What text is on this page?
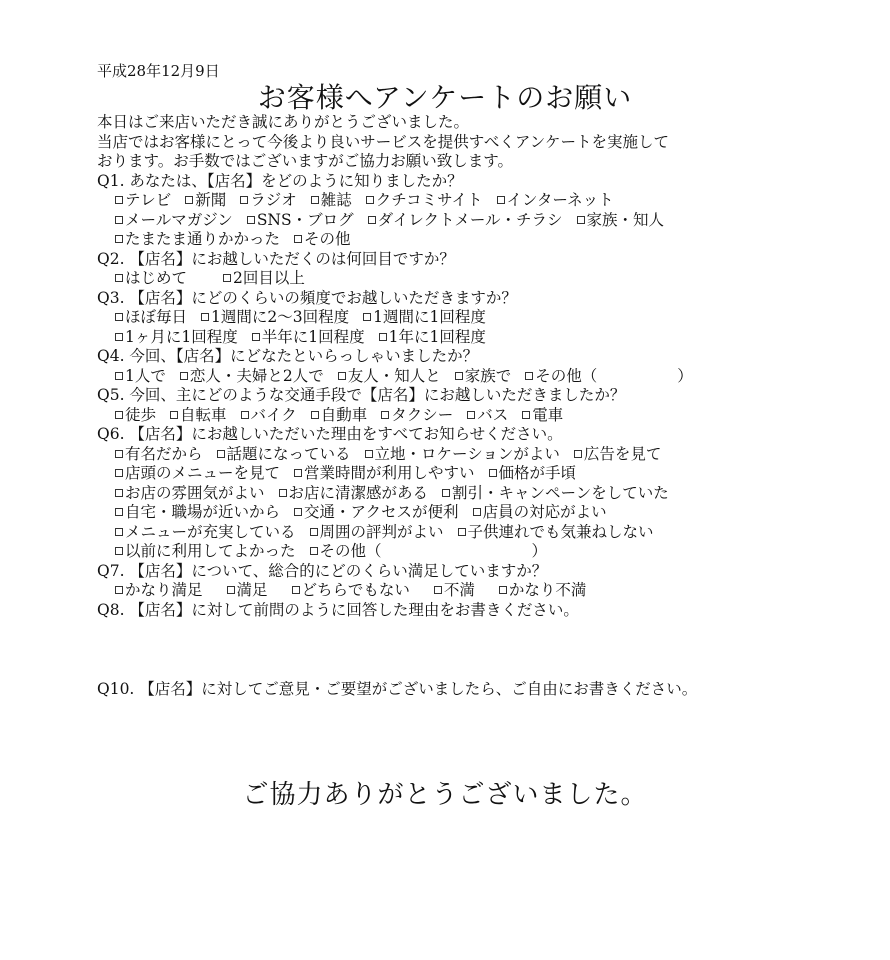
平成28年12月9日
お客様へアンケートのお願い

本日はご来店いただき誠にありがとうございました。

当店ではお客様にとって今後より良いサービスを提供すべくアンケートを実施して

おります。お手数ではございますがご協力お願い致します。

Q1. あなたは、【店名】をどのように知りましたか？

テレビ 新聞 ラジオ 雑誌 クチコミサイト インターネット
メールマガジン SNS・ブログ ダイレクトメール・チラシ 家族・知人
たまたま通りかかった その他

Q2. 【店名】にお越しいただくのは何回目ですか？

はじめて	2回目以上

Q3. 【店名】にどのくらいの頻度でお越しいただきますか？

ほぼ毎日 1週間に2〜3回程度 1週間に1回程度
1ヶ月に1回程度 半年に1回程度 1年に1回程度

Q4. 今回、【店名】にどなたといらっしゃいましたか？

1人で 恋人・夫婦と2人で 友人・知人と 家族で その他（	）

Q5. 今回、主にどのような交通手段で【店名】にお越しいただきましたか？

徒歩 自転車 バイク 自動車 タクシー バス 電車

Q6. 【店名】にお越しいただいた理由をすべてお知らせください。

有名だから 話題になっている 立地・ロケーションがよい 広告を見て
店頭のメニューを見て 営業時間が利用しやすい 価格が手頃
お店の雰囲気がよい お店に清潔感がある 割引・キャンペーンをしていた
自宅・職場が近いから 交通・アクセスが便利 店員の対応がよい
メニューが充実している 周囲の評判がよい 子供連れでも気兼ねしない
以前に利用してよかった その他（	）

Q7. 【店名】について、総合的にどのくらい満足していますか？

かなり満足 満足 どちらでもない 不満 かなり不満

Q8. 【店名】に対して前問のように回答した理由をお書きください。

Q10. 【店名】に対してご意見・ご要望がございましたら、ご自由にお書きください。

ご協力ありがとうございました。
